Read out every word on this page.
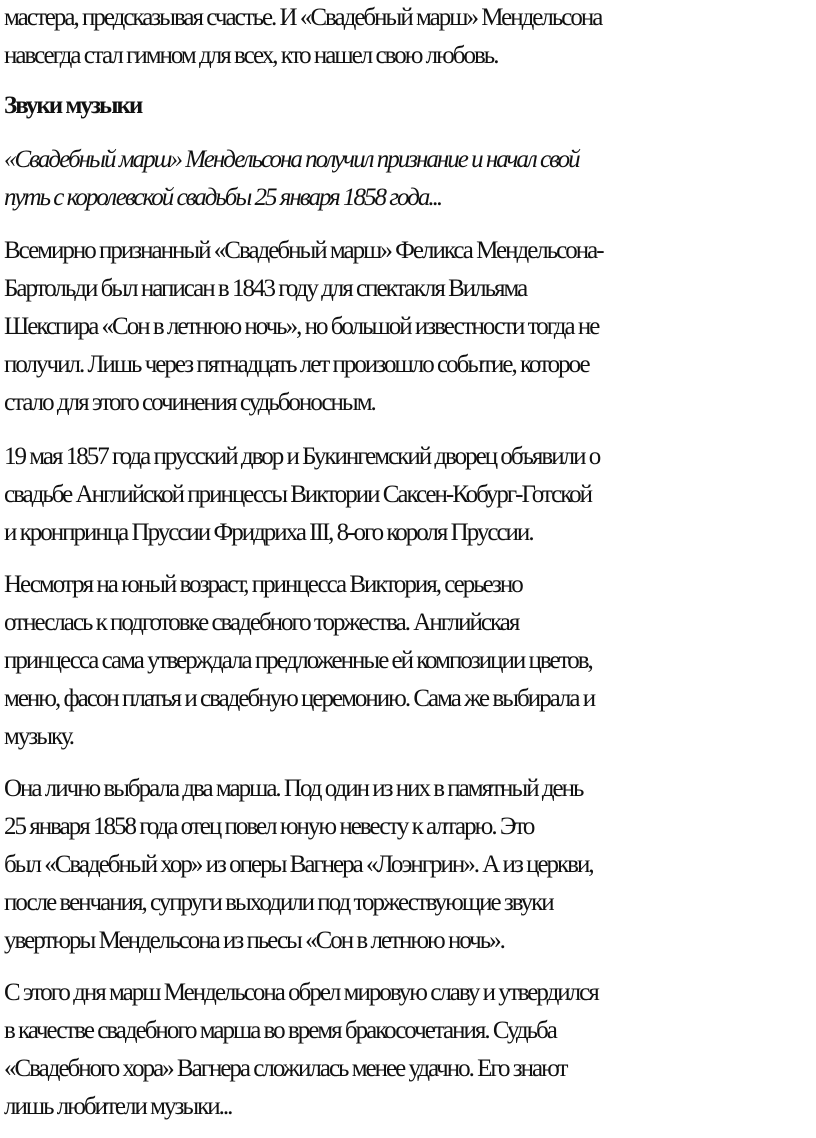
мастера, предсказывая счастье. И «Свадебный марш» Мендельсона
навсегда стал гимном для всех, кто нашел свою любовь.
Звуки музыки
«Свадебный марш» Мендельсона получил признание и начал свой
путь с королевской свадьбы 25 января 1858 года...
Всемирно признанный «Свадебный марш» Феликса Мендельсона-
Бартольди был написан в 1843 году для спектакля Вильяма
Шекспира «Сон в летнюю ночь», но большой известности тогда не
получил. Лишь через пятнадцать лет произошло событие, которое
стало для этого сочинения судьбоносным.
19 мая 1857 года прусский двор и Букингемский дворец объявили о
свадьбе Английской принцессы Виктории Саксен-Кобург-Готской
и кронпринца Пруссии Фридриха III, 8-ого короля Пруссии.
Несмотря на юный возраст, принцесса Виктория, серьезно
отнеслась к подготовке свадебного торжества. Английская
принцесса сама утверждала предложенные ей композиции цветов,
меню, фасон платья и свадебную церемонию. Сама же выбирала и
музыку.
Она лично выбрала два марша. Под один из них в памятный день
25 января 1858 года отец повел юную невесту к алтарю. Это
был «Свадебный хор» из оперы Вагнера «Лоэнгрин». А из церкви,
после венчания, супруги выходили под торжествующие звуки
увертюры Мендельсона из пьесы «Сон в летнюю ночь».
С этого дня марш Мендельсона обрел мировую славу и утвердился
в качестве свадебного марша во время бракосочетания. Судьба
«Свадебного хора» Вагнера сложилась менее удачно. Его знают
лишь любители музыки...
